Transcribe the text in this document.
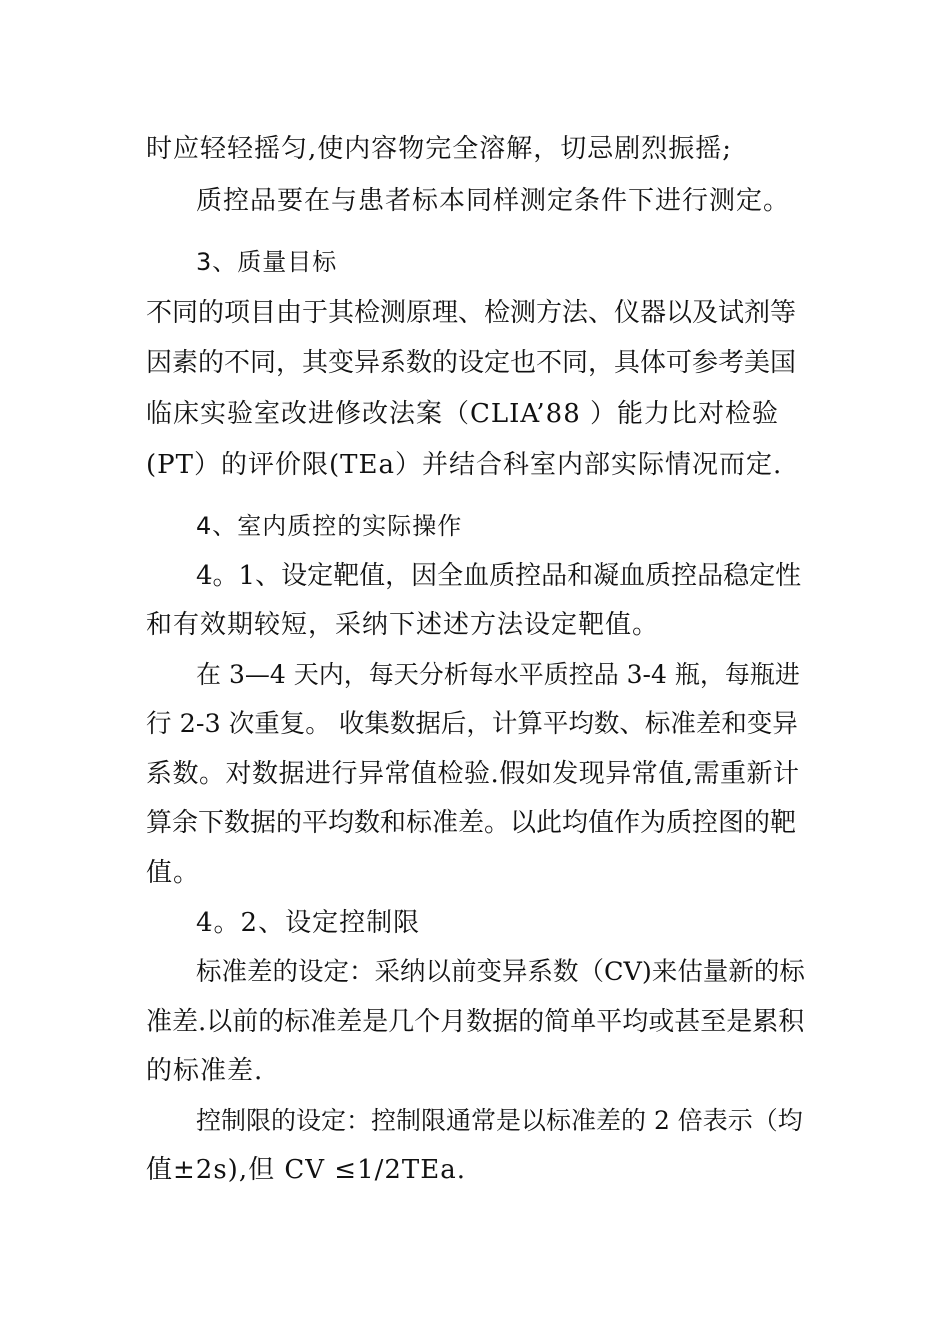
时应轻轻摇匀,使内容物完全溶解，切忌剧烈振摇;
质控品要在与患者标本同样测定条件下进行测定。
3、质量目标
不同的项目由于其检测原理、检测方法、仪器以及试剂等
因素的不同，其变异系数的设定也不同，具体可参考美国
临床实验室改进修改法案（CLIA’88 ）能力比对检验
(PT）的评价限(TEa）并结合科室内部实际情况而定.
4、室内质控的实际操作
4。1、设定靶值，因全血质控品和凝血质控品稳定性
和有效期较短，采纳下述述方法设定靶值。
在 3—4 天内，每天分析每水平质控品 3-4 瓶，每瓶进
行 2-3 次重复。 收集数据后，计算平均数、标准差和变异
系数。对数据进行异常值检验.假如发现异常值,需重新计
算余下数据的平均数和标准差。以此均值作为质控图的靶
值。
4。2、设定控制限
标准差的设定：采纳以前变异系数（CV)来估量新的标
准差.以前的标准差是几个月数据的简单平均或甚至是累积
的标准差.
控制限的设定：控制限通常是以标准差的 2 倍表示（均
值±2s),但 CV ≤1/2TEa.
